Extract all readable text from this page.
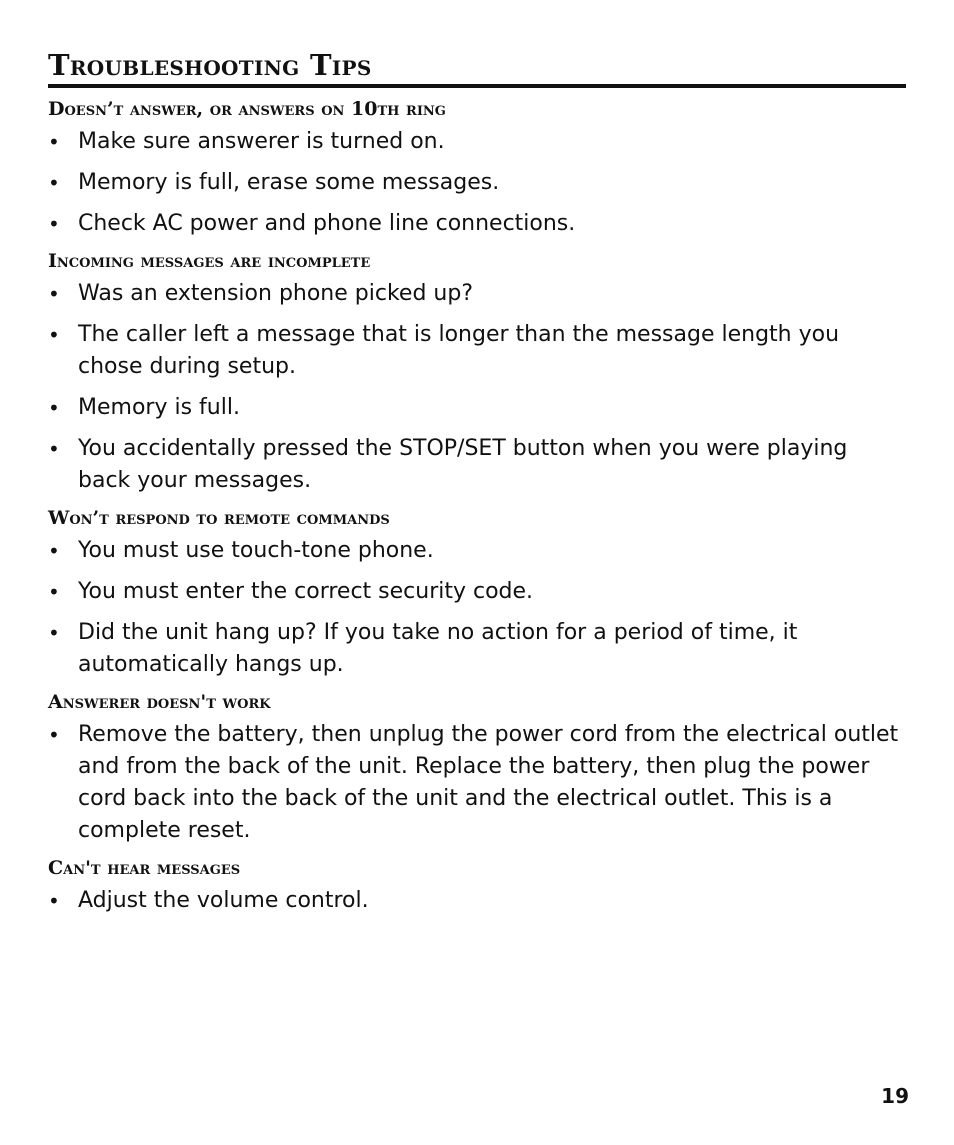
Troubleshooting Tips
Doesn’t answer, or answers on 10th ring
• Make sure answerer is turned on.
• Memory is full, erase some messages.
• Check AC power and phone line connections.
Incoming messages are incomplete
• Was an extension phone picked up?
• The caller left a message that is longer than the message length you chose during setup.
• Memory is full.
• You accidentally pressed the STOP/SET button when you were playing back your messages.
Won’t respond to remote commands
• You must use touch-tone phone.
• You must enter the correct security code.
• Did the unit hang up? If you take no action for a period of time, it automatically hangs up.
Answerer doesn't work
• Remove the battery, then unplug the power cord from the electrical outlet and from the back of the unit. Replace the battery, then plug the power cord back into the back of the unit and the electrical outlet. This is a complete reset.
Can't hear messages
• Adjust the volume control.
19
